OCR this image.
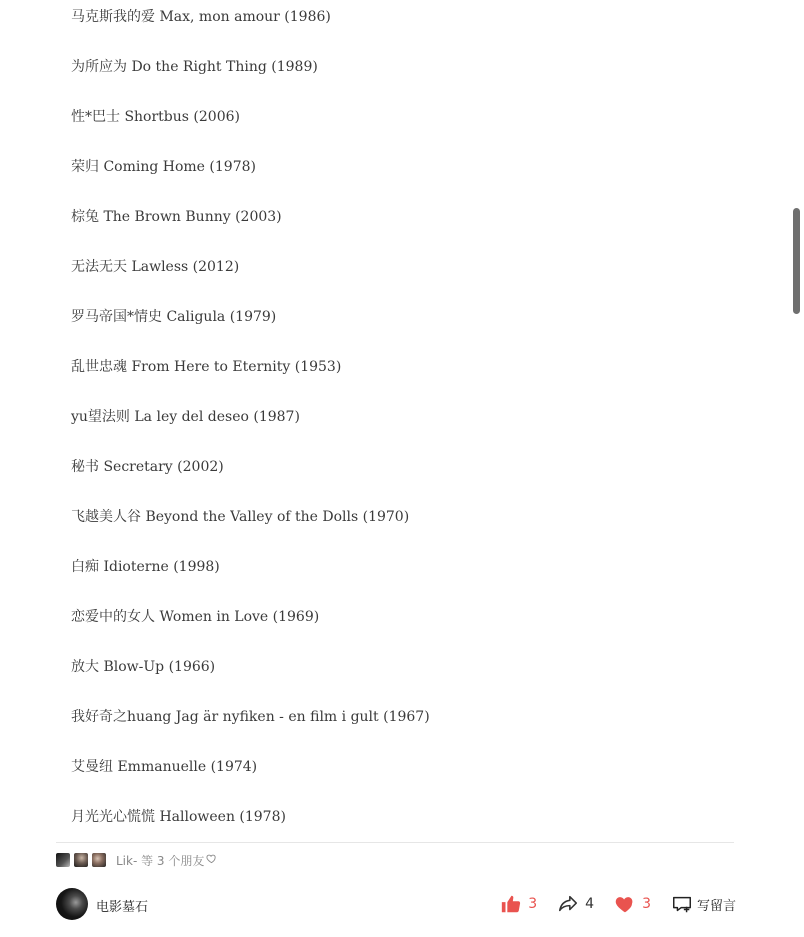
马克斯我的爱 Max, mon amour (1986)
为所应为 Do the Right Thing (1989)
性*巴士 Shortbus (2006)
荣归 Coming Home (1978)
棕兔 The Brown Bunny (2003)
无法无天 Lawless (2012)
罗马帝国*情史 Caligula (1979)
乱世忠魂 From Here to Eternity (1953)
yu望法则 La ley del deseo (1987)
秘书 Secretary (2002)
飞越美人谷 Beyond the Valley of the Dolls (1970)
白痴 Idioterne (1998)
恋爱中的女人 Women in Love (1969)
放大 Blow-Up (1966)
我好奇之huang Jag är nyfiken - en film i gult (1967)
艾曼纽 Emmanuelle (1974)
月光光心慌慌 Halloween (1978)
Lik- 等 3 个朋友
电影墓石	3	4	3	写留言
